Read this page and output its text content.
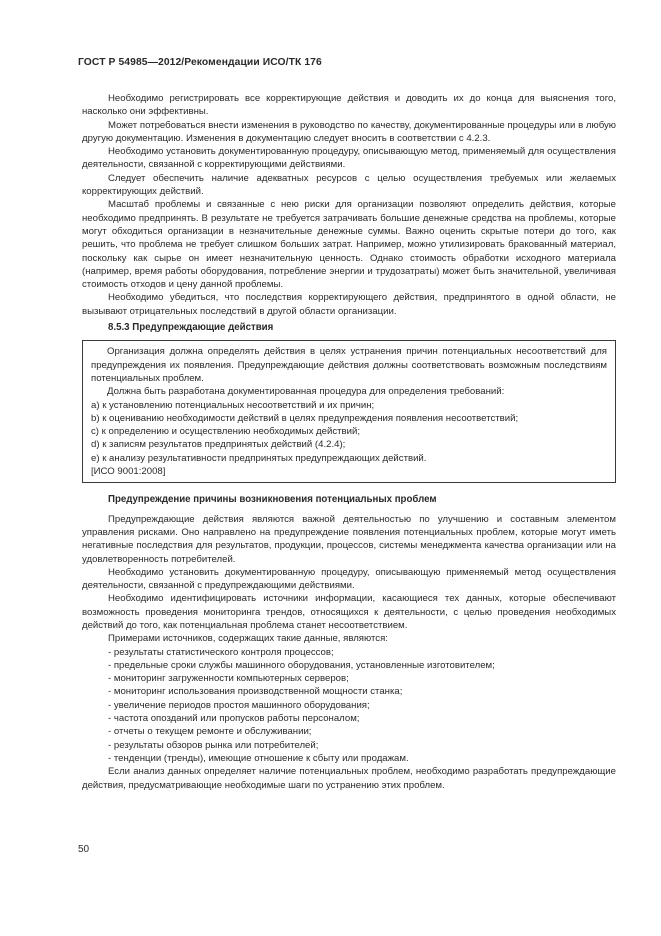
ГОСТ Р 54985—2012/Рекомендации ИСО/ТК 176

Необходимо регистрировать все корректирующие действия и доводить их до конца для выяснения того, насколько они эффективны.

Может потребоваться внести изменения в руководство по качеству, документированные процедуры или в любую другую документацию. Изменения в документацию следует вносить в соответствии с 4.2.3.

Необходимо установить документированную процедуру, описывающую метод, применяемый для осуществления деятельности, связанной с корректирующими действиями.

Следует обеспечить наличие адекватных ресурсов с целью осуществления требуемых или желаемых корректирующих действий.

Масштаб проблемы и связанные с нею риски для организации позволяют определить действия, которые необходимо предпринять. В результате не требуется затрачивать большие денежные средства на проблемы, которые могут обходиться организации в незначительные денежные суммы. Важно оценить скрытые потери до того, как решить, что проблема не требует слишком больших затрат. Например, можно утилизировать бракованный материал, поскольку как сырье он имеет незначительную ценность. Однако стоимость обработки исходного материала (например, время работы оборудования, потребление энергии и трудозатраты) может быть значительной, увеличивая стоимость отходов и цену данной проблемы.

Необходимо убедиться, что последствия корректирующего действия, предпринятого в одной области, не вызывают отрицательных последствий в другой области организации.

8.5.3 Предупреждающие действия

Организация должна определять действия в целях устранения причин потенциальных несоответствий для предупреждения их появления. Предупреждающие действия должны соответствовать возможным последствиям потенциальных проблем.

Должна быть разработана документированная процедура для определения требований:

a) к установлению потенциальных несоответствий и их причин;

b) к оцениванию необходимости действий в целях предупреждения появления несоответствий;

c) к определению и осуществлению необходимых действий;

d) к записям результатов предпринятых действий (4.2.4);

e) к анализу результативности предпринятых предупреждающих действий.

[ИСО 9001:2008]

Предупреждение причины возникновения потенциальных проблем

Предупреждающие действия являются важной деятельностью по улучшению и составным элементом управления рисками. Оно направлено на предупреждение появления потенциальных проблем, которые могут иметь негативные последствия для результатов, продукции, процессов, системы менеджмента качества организации или на удовлетворенность потребителей.

Необходимо установить документированную процедуру, описывающую применяемый метод осуществления деятельности, связанной с предупреждающими действиями.

Необходимо идентифицировать источники информации, касающиеся тех данных, которые обеспечивают возможность проведения мониторинга трендов, относящихся к деятельности, с целью проведения необходимых действий до того, как потенциальная проблема станет несоответствием.

Примерами источников, содержащих такие данные, являются:

- результаты статистического контроля процессов;

- предельные сроки службы машинного оборудования, установленные изготовителем;

- мониторинг загруженности компьютерных серверов;

- мониторинг использования производственной мощности станка;

- увеличение периодов простоя машинного оборудования;

- частота опозданий или пропусков работы персоналом;

- отчеты о текущем ремонте и обслуживании;

- результаты обзоров рынка или потребителей;

- тенденции (тренды), имеющие отношение к сбыту или продажам.

Если анализ данных определяет наличие потенциальных проблем, необходимо разработать предупреждающие действия, предусматривающие необходимые шаги по устранению этих проблем.

50
